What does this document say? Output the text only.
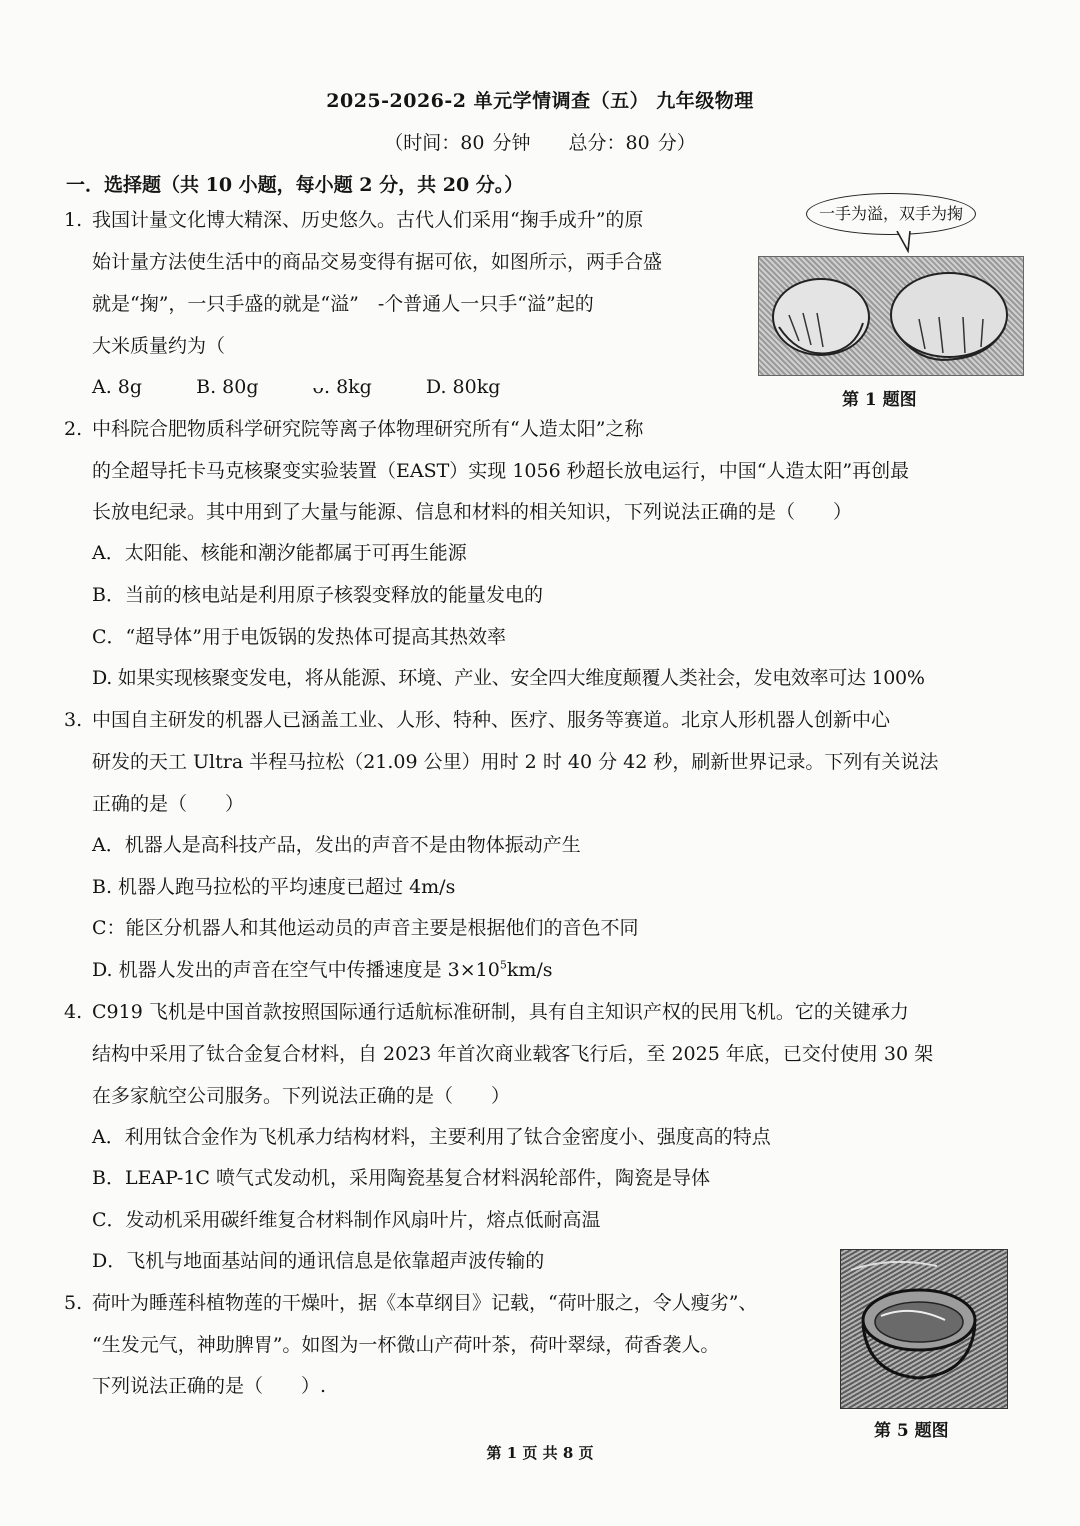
2025-2026-2 单元学情调查（五） 九年级物理
（时间：80 分钟　　总分：80 分）
一．选择题（共 10 小题，每小题 2 分，共 20 分。）
1. 我国计量文化博大精深、历史悠久。古代人们采用“掬手成升”的原
始计量方法使生活中的商品交易变得有据可依，如图所示，两手合盛
就是“掬”，一只手盛的就是“溢”　-个普通人一只手“溢”起的
大米质量约为（
A. 8g	B. 80g	ᴗ. 8kg	D. 80kg
一手为溢，双手为掬
第 1 题图
2. 中科院合肥物质科学研究院等离子体物理研究所有“人造太阳”之称
的全超导托卡马克核聚变实验装置（EAST）实现 1056 秒超长放电运行，中国“人造太阳”再创最
长放电纪录。其中用到了大量与能源、信息和材料的相关知识，下列说法正确的是（　　）
A．太阳能、核能和潮汐能都属于可再生能源
B．当前的核电站是利用原子核裂变释放的能量发电的
C．“超导体”用于电饭锅的发热体可提高其热效率
D. 如果实现核聚变发电，将从能源、环境、产业、安全四大维度颠覆人类社会，发电效率可达 100%
3. 中国自主研发的机器人已涵盖工业、人形、特种、医疗、服务等赛道。北京人形机器人创新中心
研发的天工 Ultra 半程马拉松（21.09 公里）用时 2 时 40 分 42 秒，刷新世界记录。下列有关说法
正确的是（　　）
A．机器人是高科技产品，发出的声音不是由物体振动产生
B. 机器人跑马拉松的平均速度已超过 4m/s
C：能区分机器人和其他运动员的声音主要是根据他们的音色不同
D. 机器人发出的声音在空气中传播速度是 $3\times 10^5km/s$
4. C919 飞机是中国首款按照国际通行适航标准研制，具有自主知识产权的民用飞机。它的关键承力
结构中采用了钛合金复合材料，自 2023 年首次商业载客飞行后，至 2025 年底，已交付使用 30 架
在多家航空公司服务。下列说法正确的是（　　）
A．利用钛合金作为飞机承力结构材料，主要利用了钛合金密度小、强度高的特点
B．LEAP-1C 喷气式发动机，采用陶瓷基复合材料涡轮部件，陶瓷是导体
C．发动机采用碳纤维复合材料制作风扇叶片，熔点低耐高温
D．飞机与地面基站间的通讯信息是依靠超声波传输的
5. 荷叶为睡莲科植物莲的干燥叶，据《本草纲目》记载，“荷叶服之，令人瘦劣”、
“生发元气，神助脾胃”。如图为一杯微山产荷叶茶，荷叶翠绿，荷香袭人。
下列说法正确的是（　　）.
第 5 题图
第 1 页 共 8 页
